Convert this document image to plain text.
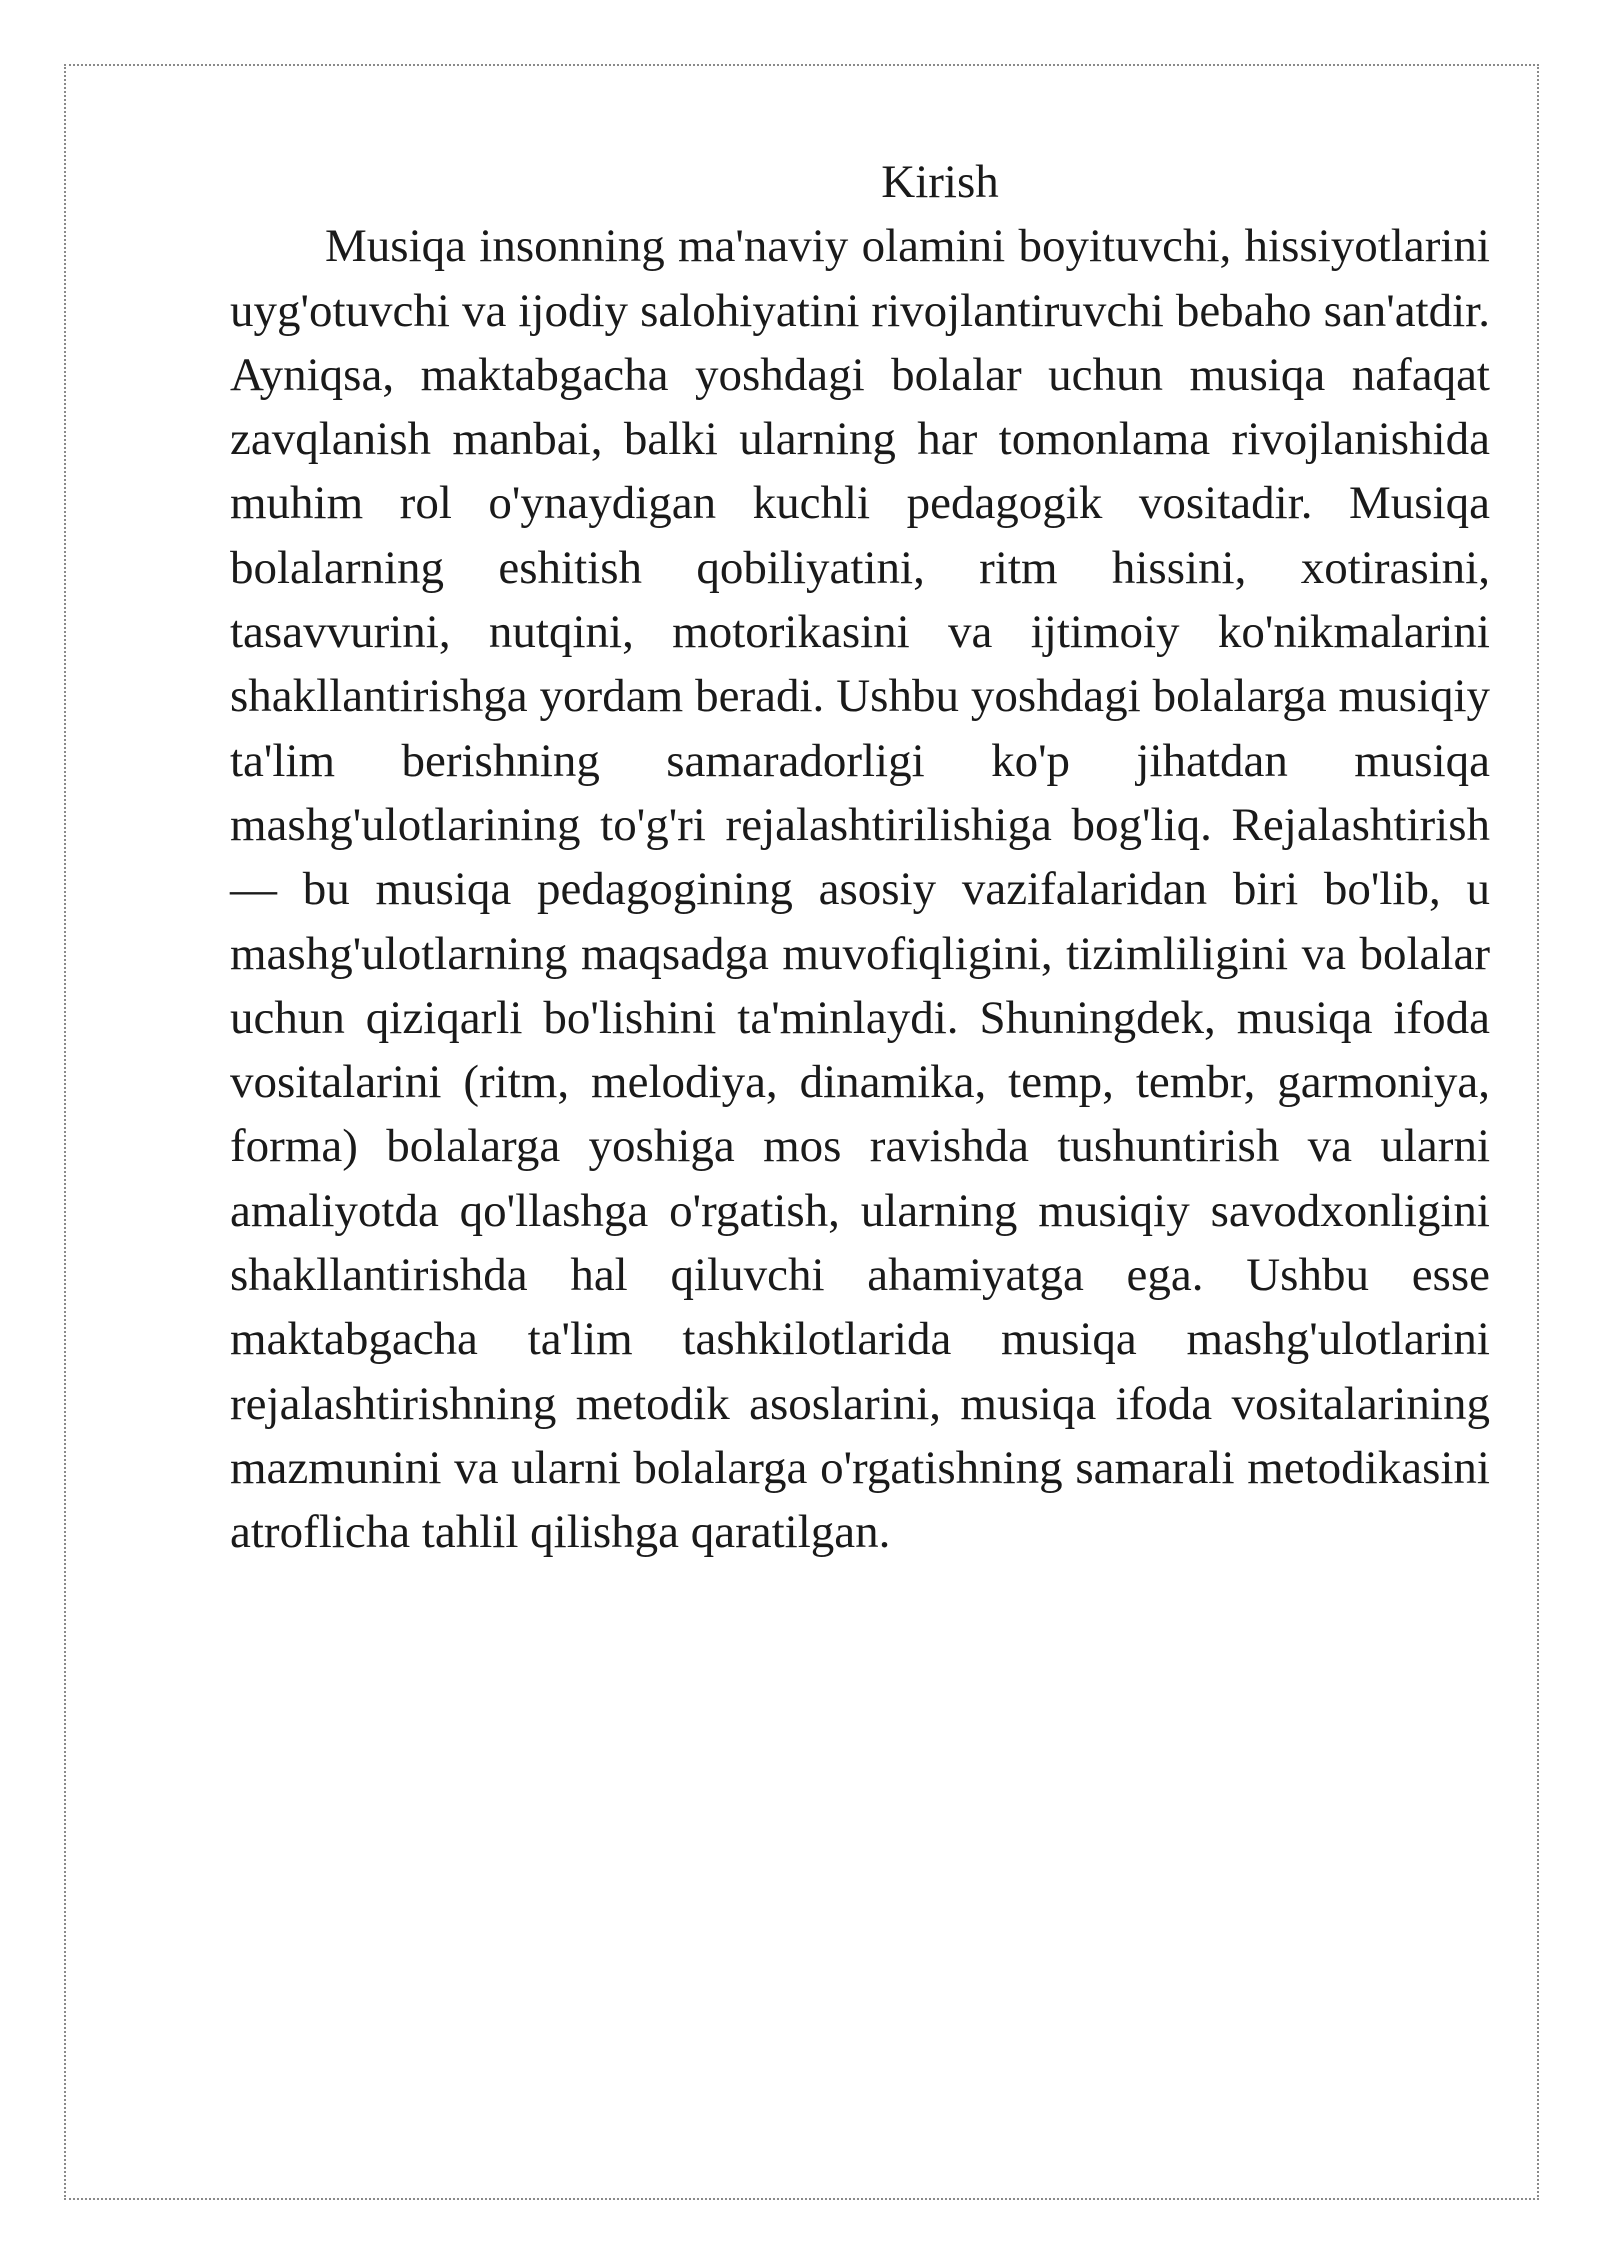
Kirish

Musiqa insonning ma'naviy olamini boyituvchi, hissiyotlarini uyg'otuvchi va ijodiy salohiyatini rivojlantiruvchi bebaho san'atdir. Ayniqsa, maktabgacha yoshdagi bolalar uchun musiqa nafaqat zavqlanish manbai, balki ularning har tomonlama rivojlanishida muhim rol o'ynaydigan kuchli pedagogik vositadir. Musiqa bolalarning eshitish qobiliyatini, ritm hissini, xotirasini, tasavvurini, nutqini, motorikasini va ijtimoiy ko'nikmalarini shakllantirishga yordam beradi. Ushbu yoshdagi bolalarga musiqiy ta'lim berishning samaradorligi ko'p jihatdan musiqa mashg'ulotlarining to'g'ri rejalashtirilishiga bog'liq. Rejalashtirish — bu musiqa pedagogining asosiy vazifalaridan biri bo'lib, u mashg'ulotlarning maqsadga muvofiqligini, tizimliligini va bolalar uchun qiziqarli bo'lishini ta'minlaydi. Shuningdek, musiqa ifoda vositalarini (ritm, melodiya, dinamika, temp, tembr, garmoniya, forma) bolalarga yoshiga mos ravishda tushuntirish va ularni amaliyotda qo'llashga o'rgatish, ularning musiqiy savodxonligini shakllantirishda hal qiluvchi ahamiyatga ega. Ushbu esse maktabgacha ta'lim tashkilotlarida musiqa mashg'ulotlarini rejalashtirishning metodik asoslarini, musiqa ifoda vositalarining mazmunini va ularni bolalarga o'rgatishning samarali metodikasini atroflicha tahlil qilishga qaratilgan.
